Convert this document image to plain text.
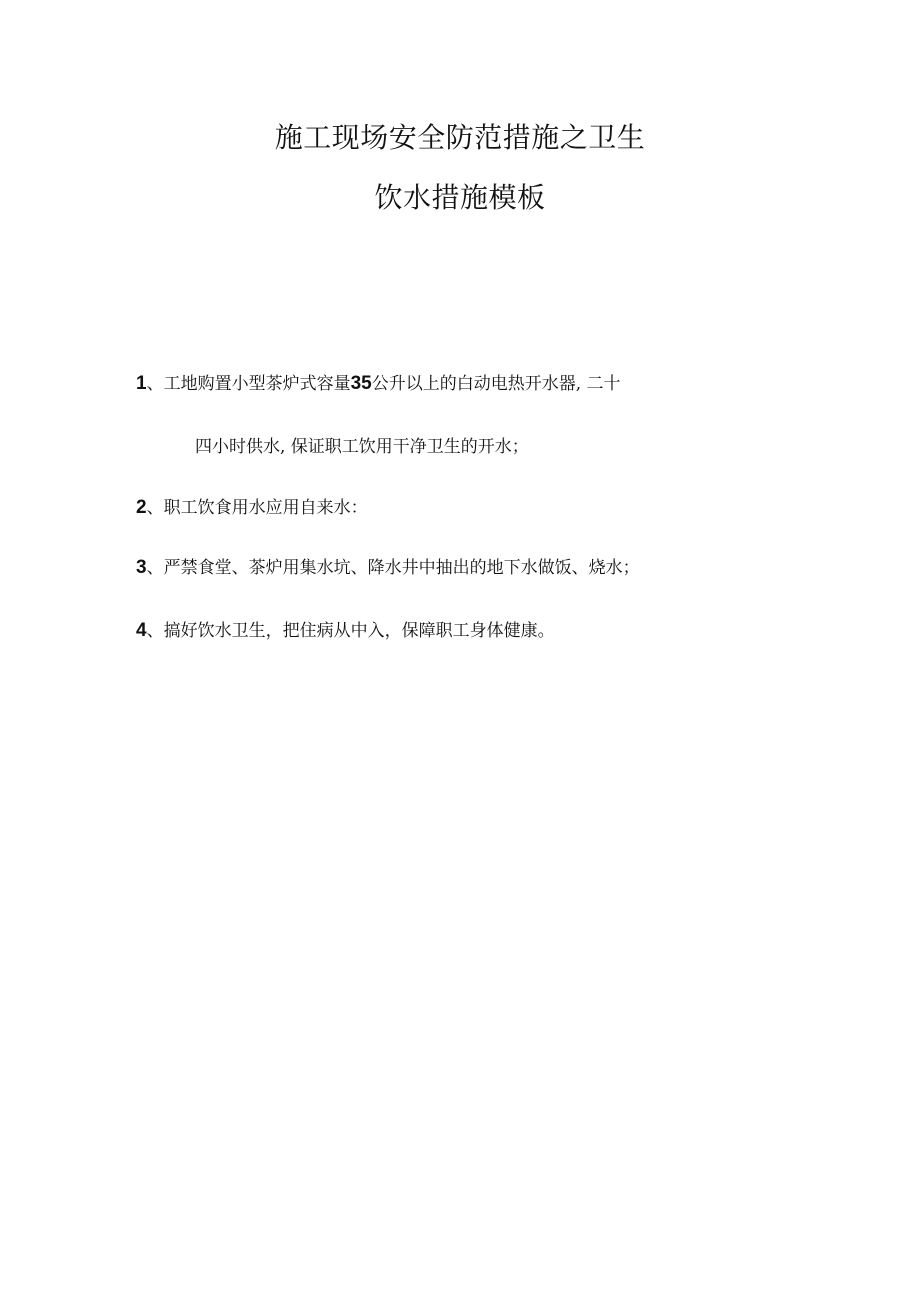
施工现场安全防范措施之卫生
饮水措施模板
1、工地购置小型茶炉式容量35公升以上的白动电热开水器, 二十
四小时供水, 保证职工饮用干净卫生的开水；
2、职工饮食用水应用自来水：
3、严禁食堂、茶炉用集水坑、降水井中抽出的地下水做饭、烧水；
4、搞好饮水卫生，把住病从中入，保障职工身体健康。
